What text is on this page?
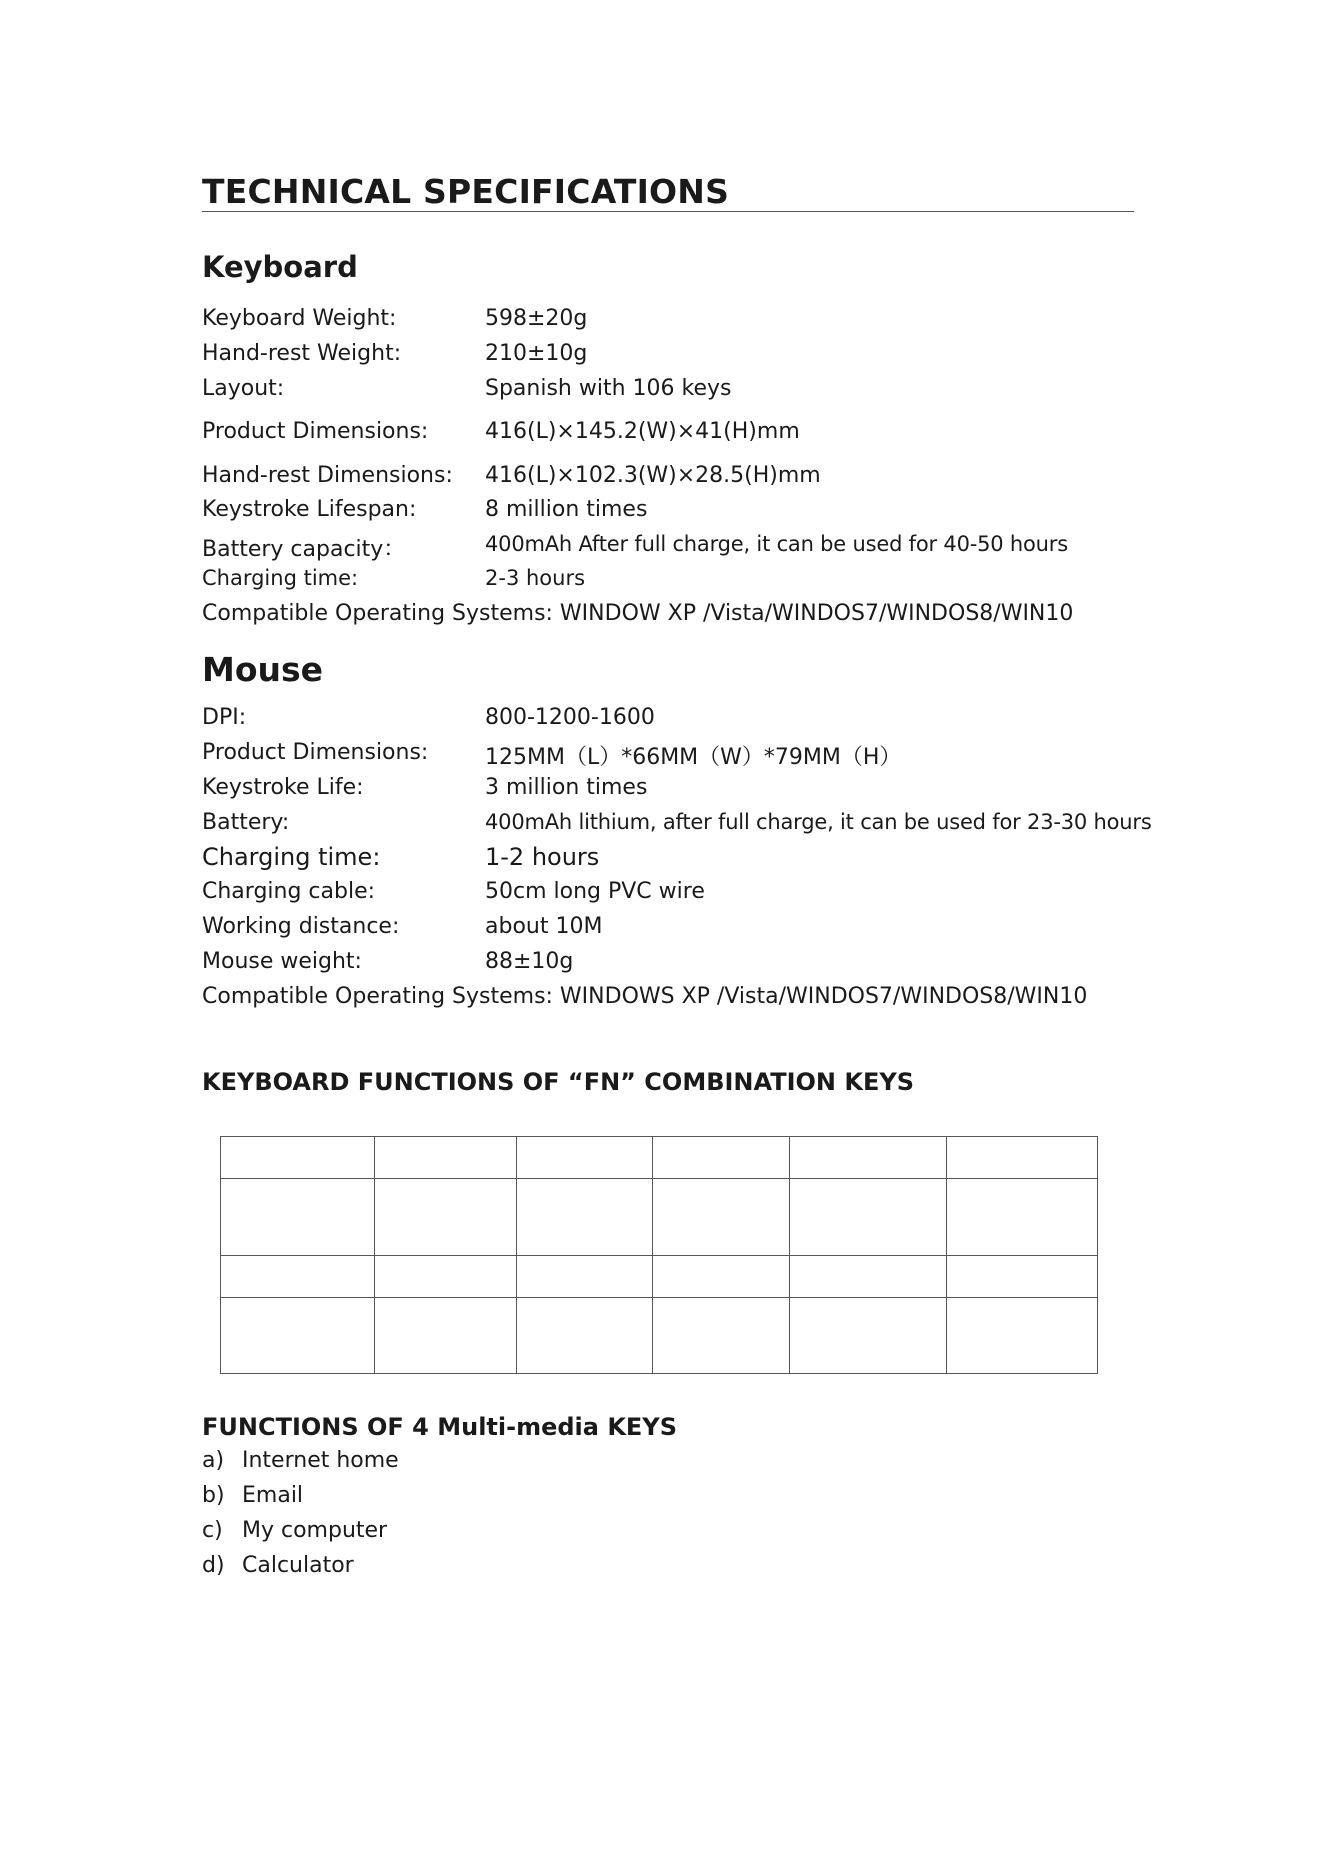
TECHNICAL SPECIFICATIONS
Keyboard
Keyboard Weight:	598±20g
Hand-rest Weight:	210±10g
Layout:	Spanish with 106 keys
Product Dimensions:	416(L)×145.2(W)×41(H)mm
Hand-rest Dimensions: 416(L)×102.3(W)×28.5(H)mm
Keystroke Lifespan:	8 million times
Battery capacity：	400mAh After full charge, it can be used for 40-50 hours
Charging time:	2-3 hours
Compatible Operating Systems: WINDOW XP /Vista/WINDOS7/WINDOS8/WIN10
Mouse
DPI:	800-1200-1600
Product Dimensions:	125MM（L）*66MM（W）*79MM（H）
Keystroke Life:	3 million times
Battery:	400mAh lithium, after full charge, it can be used for 23-30 hours
Charging time:	1-2 hours
Charging cable:	50cm long PVC wire
Working distance:	about 10M
Mouse weight:	88±10g
Compatible Operating Systems: WINDOWS XP /Vista/WINDOS7/WINDOS8/WIN10
KEYBOARD FUNCTIONS OF “FN” COMBINATION KEYS

FUNCTIONS OF 4 Multi-media KEYS
a) Internet home
b) Email
c) My computer
d) Calculator
